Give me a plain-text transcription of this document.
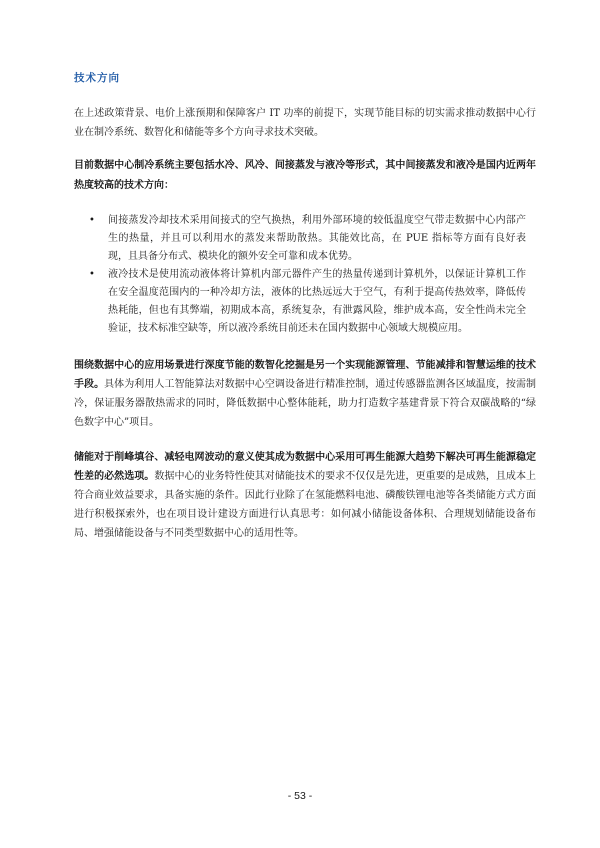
技术方向

在上述政策背景、电价上涨预期和保障客户 IT 功率的前提下，实现节能目标的切实需求推动数据中心行业在制冷系统、数智化和储能等多个方向寻求技术突破。

目前数据中心制冷系统主要包括水冷、风冷、间接蒸发与液冷等形式，其中间接蒸发和液冷是国内近两年热度较高的技术方向：

• 间接蒸发冷却技术采用间接式的空气换热，利用外部环境的较低温度空气带走数据中心内部产生的热量，并且可以利用水的蒸发来帮助散热。其能效比高，在 PUE 指标等方面有良好表现，且具备分布式、模块化的额外安全可靠和成本优势。
• 液冷技术是使用流动液体将计算机内部元器件产生的热量传递到计算机外，以保证计算机工作在安全温度范围内的一种冷却方法，液体的比热远远大于空气，有利于提高传热效率，降低传热耗能，但也有其弊端，初期成本高，系统复杂，有泄露风险，维护成本高，安全性尚未完全验证，技术标准空缺等，所以液冷系统目前还未在国内数据中心领域大规模应用。

围绕数据中心的应用场景进行深度节能的数智化挖掘是另一个实现能源管理、节能减排和智慧运维的技术手段。具体为利用人工智能算法对数据中心空调设备进行精准控制，通过传感器监测各区域温度，按需制冷，保证服务器散热需求的同时，降低数据中心整体能耗，助力打造数字基建背景下符合双碳战略的“绿色数字中心”项目。

储能对于削峰填谷、减轻电网波动的意义使其成为数据中心采用可再生能源大趋势下解决可再生能源稳定性差的必然选项。数据中心的业务特性使其对储能技术的要求不仅仅是先进，更重要的是成熟，且成本上符合商业效益要求，具备实施的条件。因此行业除了在氢能燃料电池、磷酸铁锂电池等各类储能方式方面进行积极探索外，也在项目设计建设方面进行认真思考：如何减小储能设备体积、合理规划储能设备布局、增强储能设备与不同类型数据中心的适用性等。

- 53 -
